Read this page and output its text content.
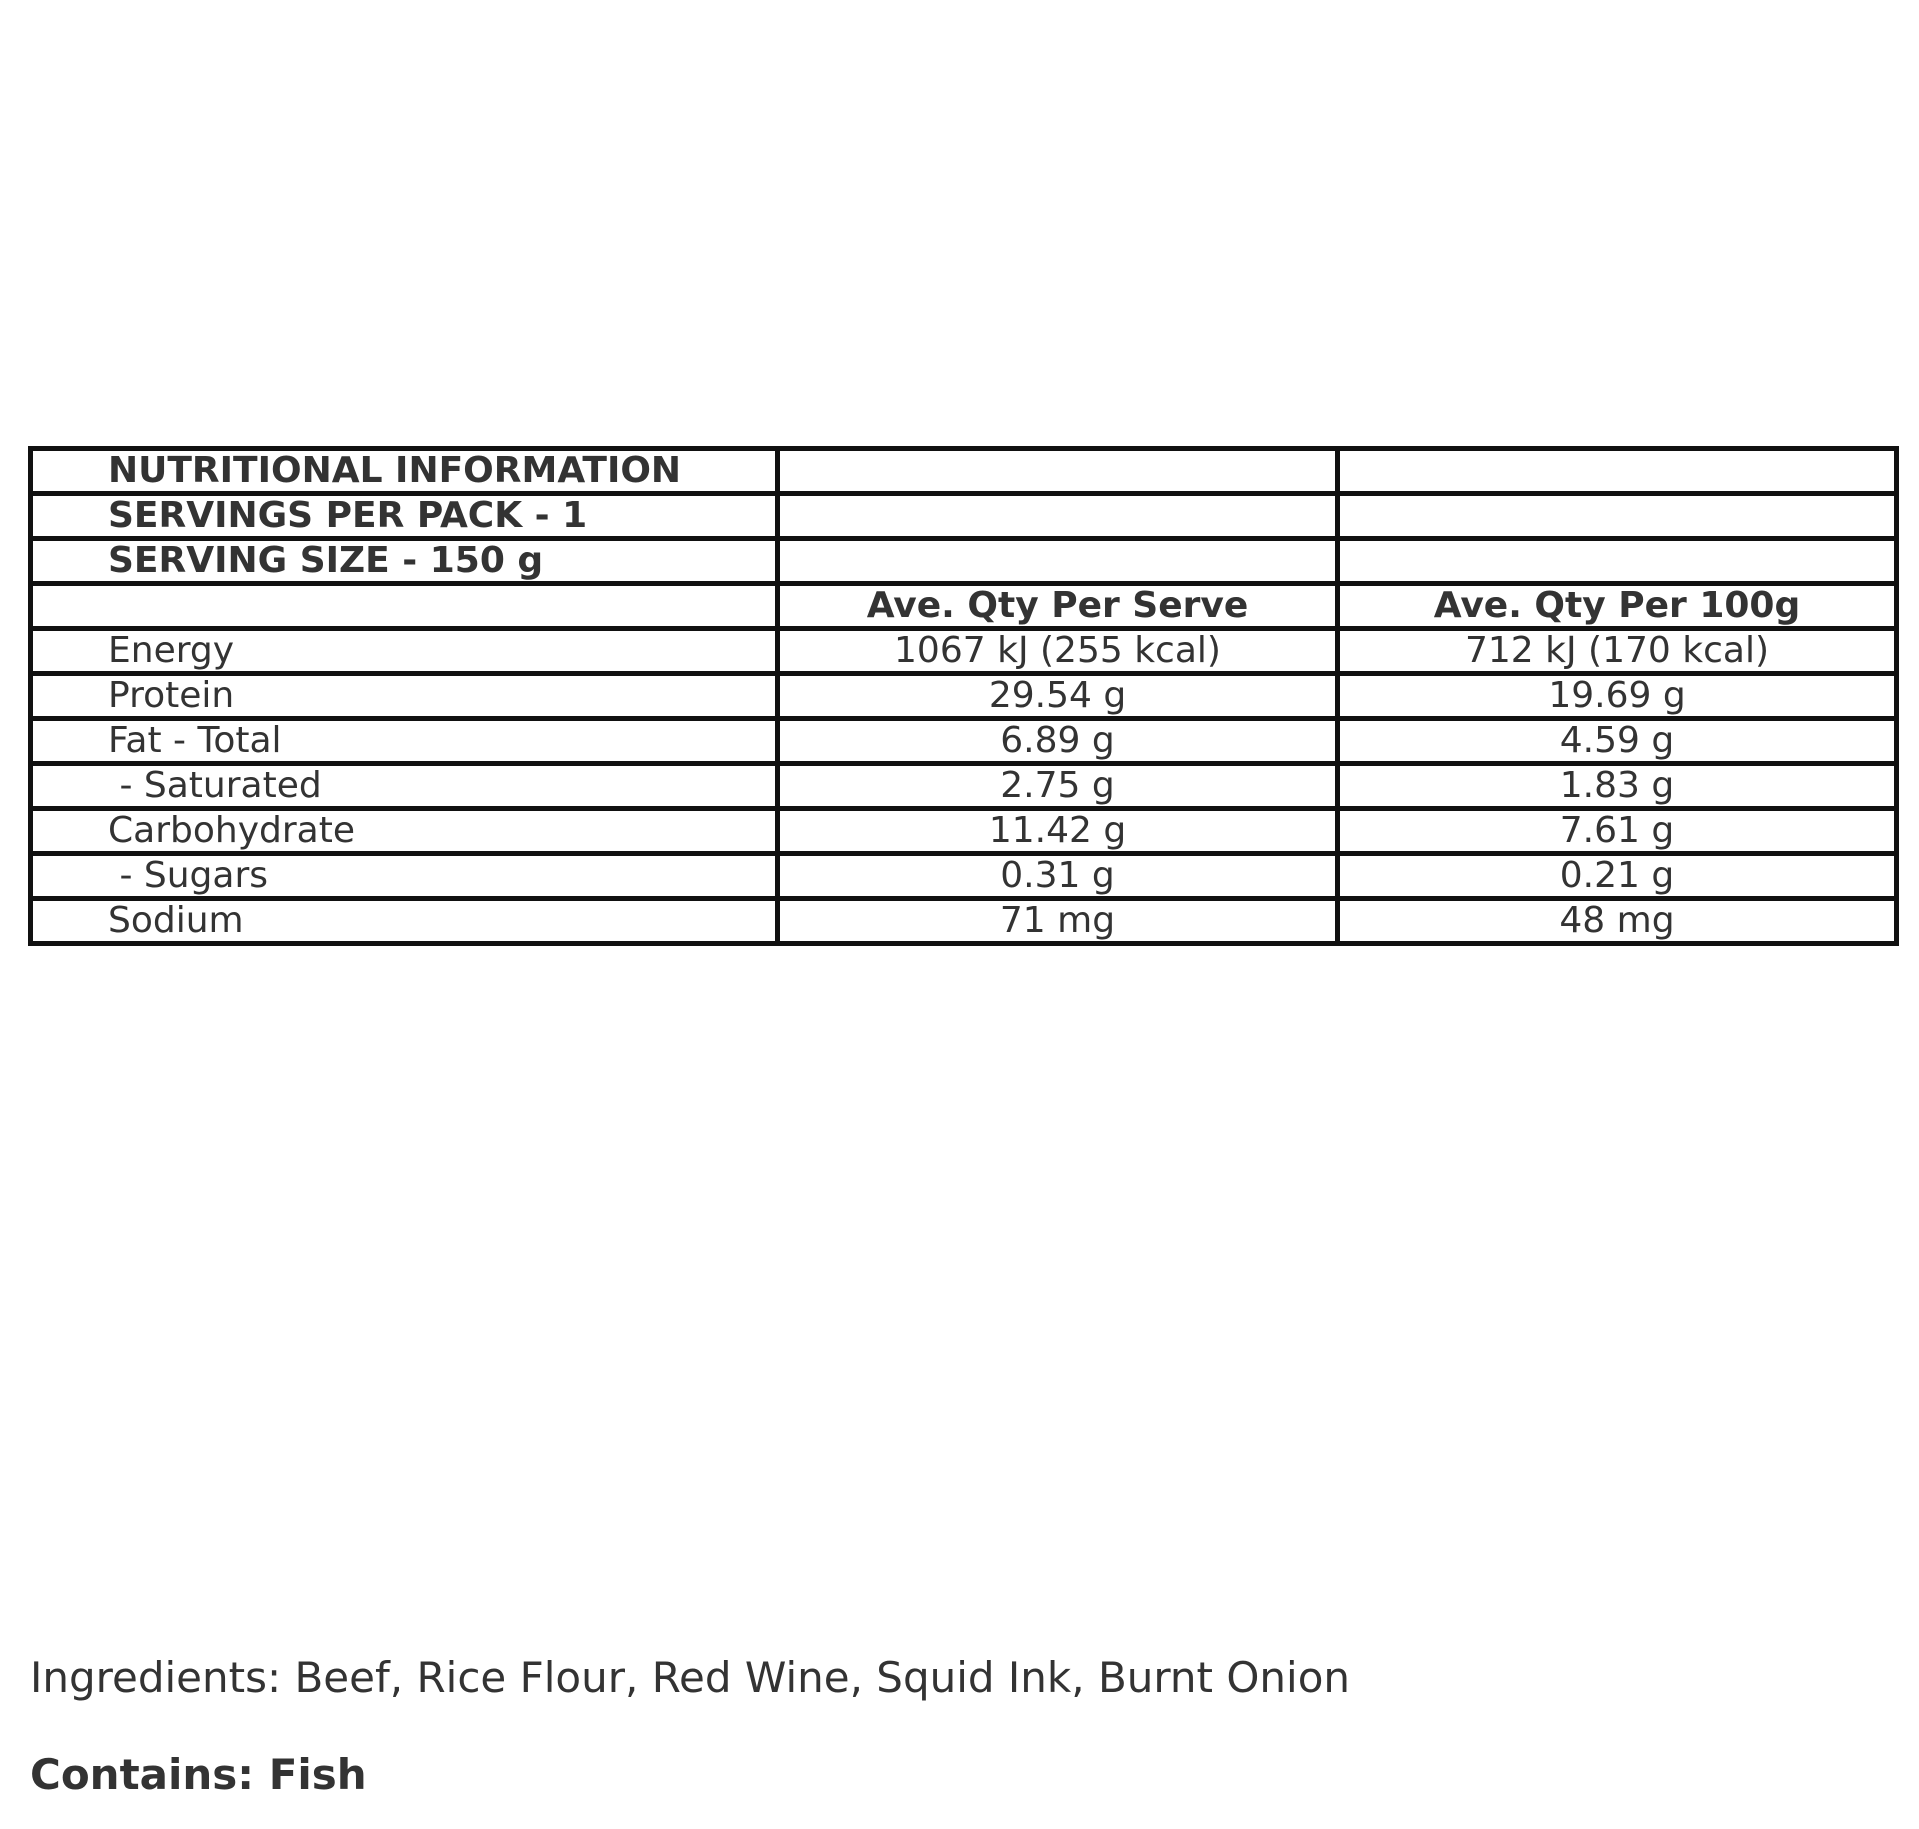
NUTRITIONAL INFORMATION		
SERVINGS PER PACK - 1		
SERVING SIZE - 150 g		
	Ave. Qty Per Serve	Ave. Qty Per 100g
Energy	1067 kJ (255 kcal)	712 kJ (170 kcal)
Protein	29.54 g	19.69 g
Fat - Total	6.89 g	4.59 g
- Saturated	2.75 g	1.83 g
Carbohydrate	11.42 g	7.61 g
- Sugars	0.31 g	0.21 g
Sodium	71 mg	48 mg

Ingredients: Beef, Rice Flour, Red Wine, Squid Ink, Burnt Onion

Contains: Fish
